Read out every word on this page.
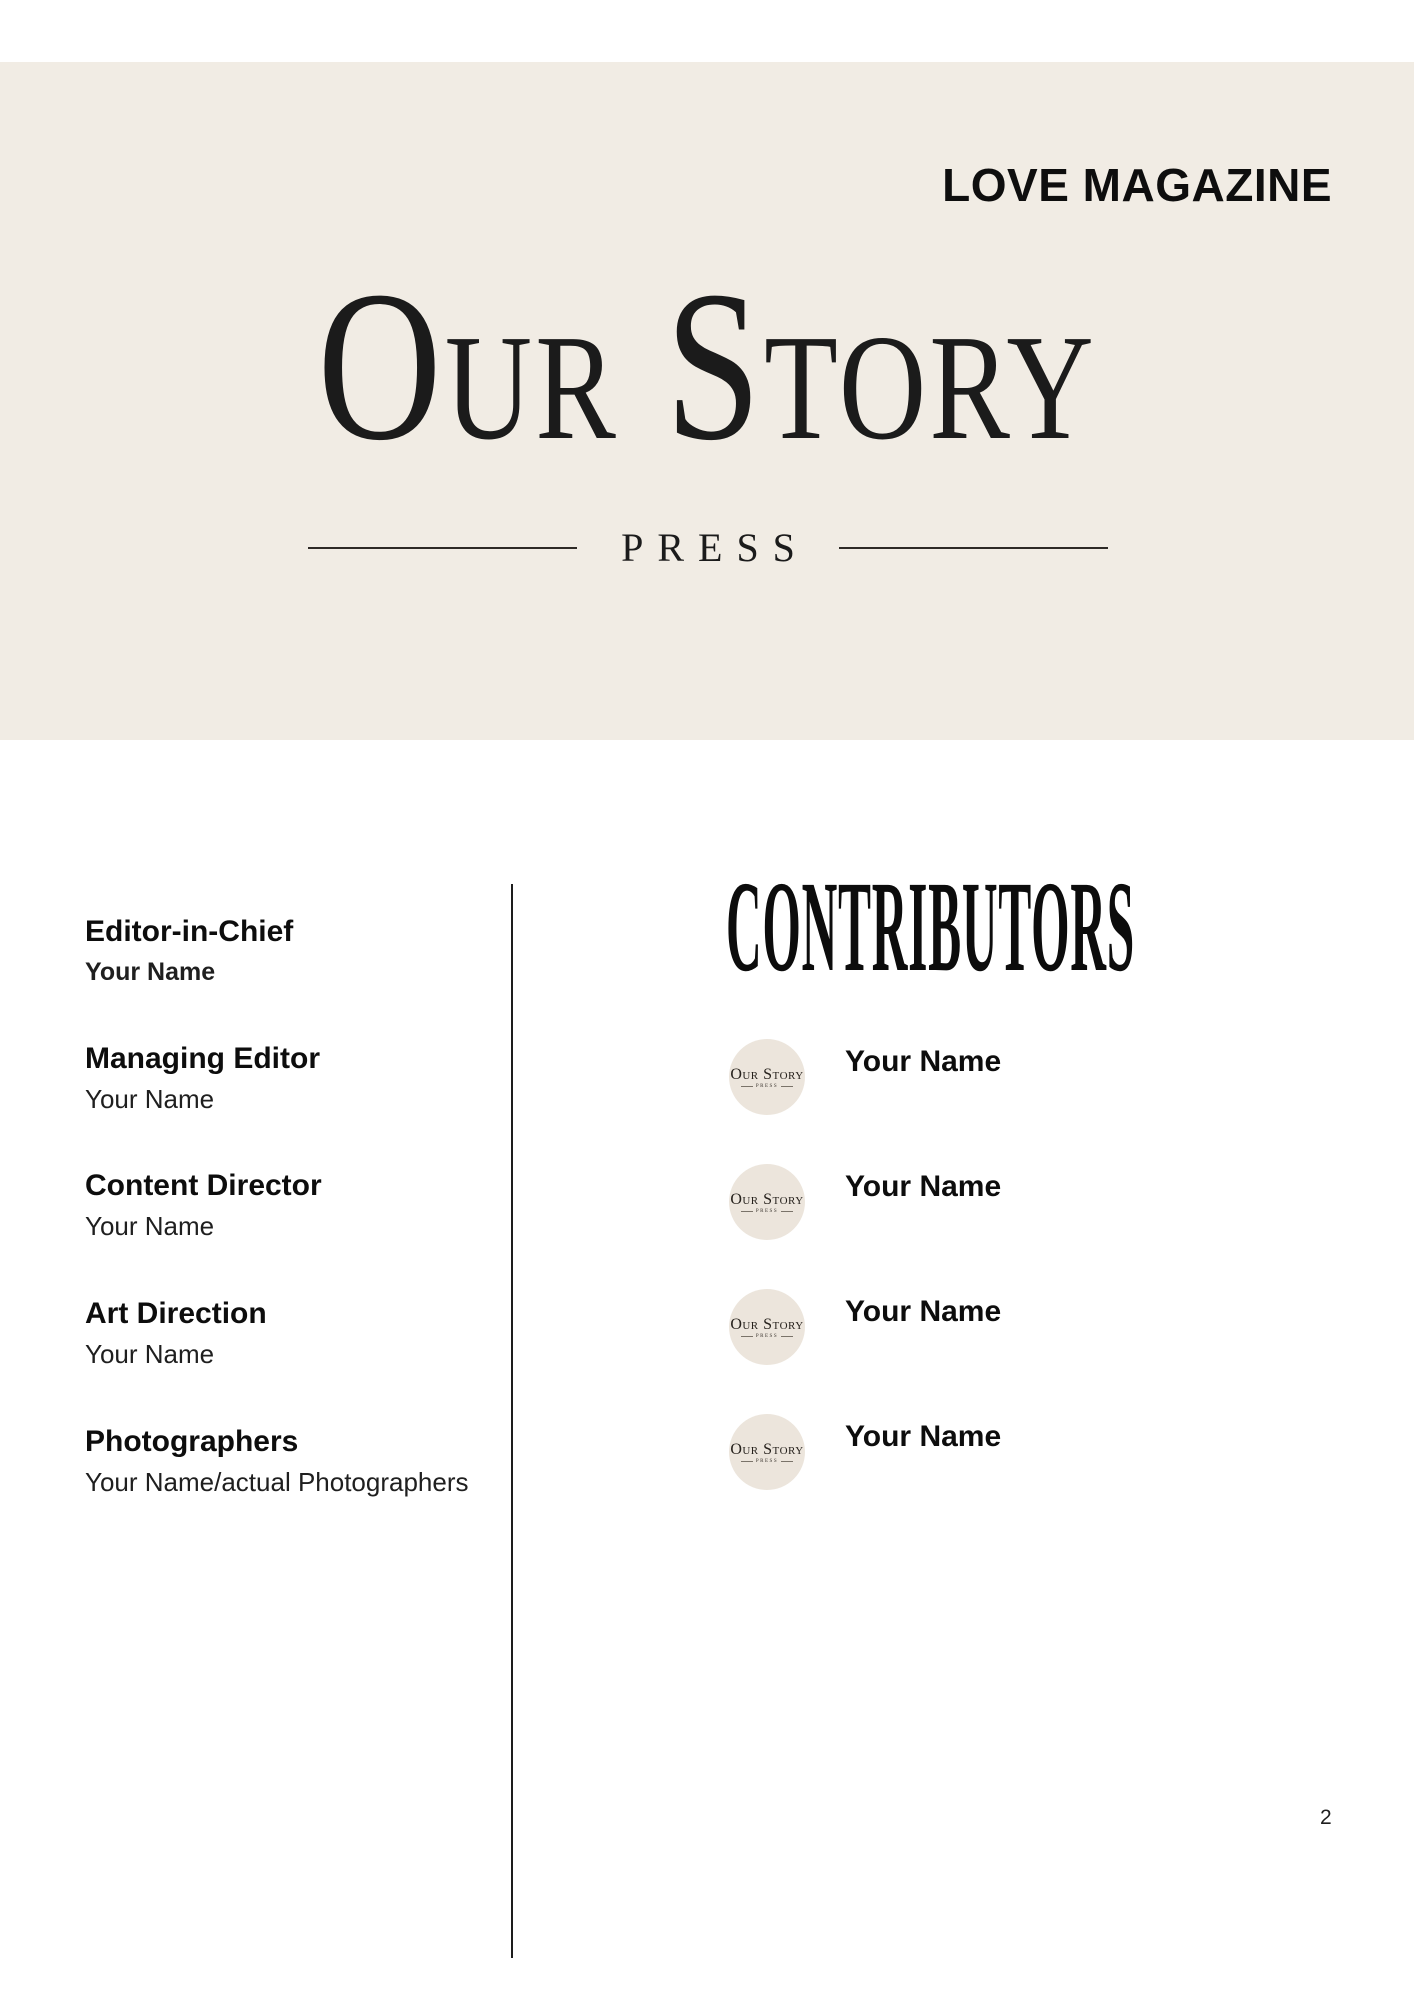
LOVE MAGAZINE
Our Story
PRESS
Editor-in-Chief
Your Name
Managing Editor
Your Name
Content Director
Your Name
Art Direction
Your Name
Photographers
Your Name/actual Photographers
CONTRIBUTORS
Our Story
PRESS
Your Name
Our Story
PRESS
Your Name
Our Story
PRESS
Your Name
Our Story
PRESS
Your Name
2
